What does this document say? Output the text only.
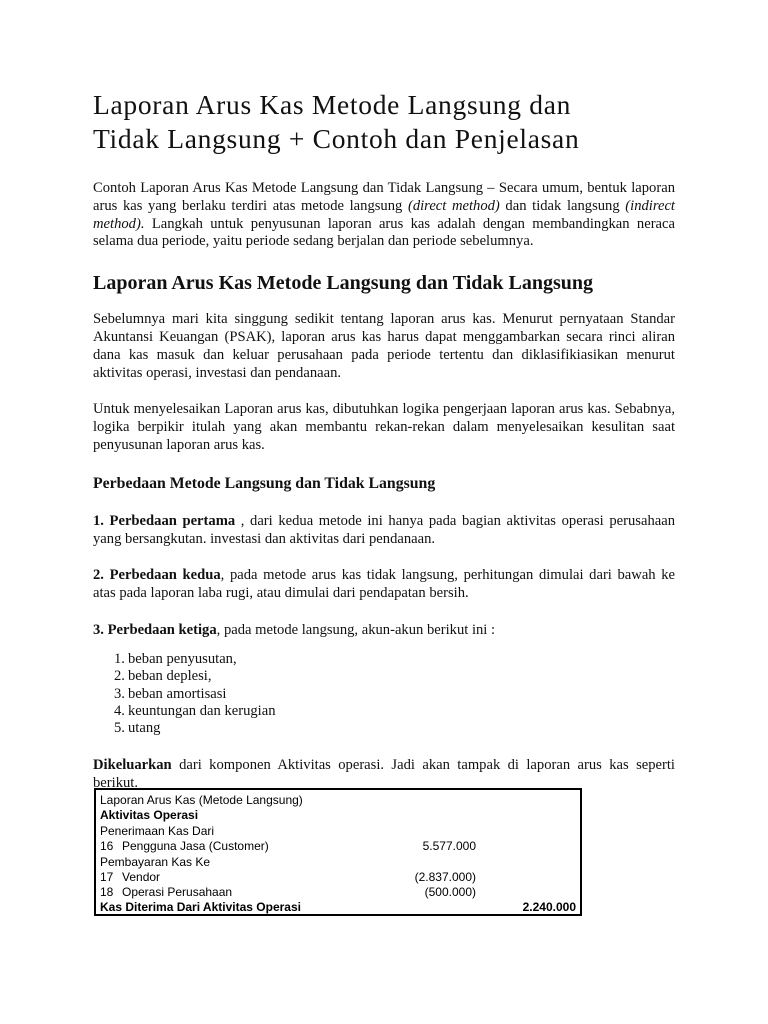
Laporan Arus Kas Metode Langsung dan
Tidak Langsung + Contoh dan Penjelasan

Contoh Laporan Arus Kas Metode Langsung dan Tidak Langsung – Secara umum, bentuk laporan arus kas yang berlaku terdiri atas metode langsung (direct method) dan tidak langsung (indirect method). Langkah untuk penyusunan laporan arus kas adalah dengan membandingkan neraca selama dua periode, yaitu periode sedang berjalan dan periode sebelumnya.

Laporan Arus Kas Metode Langsung dan Tidak Langsung

Sebelumnya mari kita singgung sedikit tentang laporan arus kas. Menurut pernyataan Standar Akuntansi Keuangan (PSAK), laporan arus kas harus dapat menggambarkan secara rinci aliran dana kas masuk dan keluar perusahaan pada periode tertentu dan diklasifikiasikan menurut aktivitas operasi, investasi dan pendanaan.

Untuk menyelesaikan Laporan arus kas, dibutuhkan logika pengerjaan laporan arus kas. Sebabnya, logika berpikir itulah yang akan membantu rekan-rekan dalam menyelesaikan kesulitan saat penyusunan laporan arus kas.

Perbedaan Metode Langsung dan Tidak Langsung

1. Perbedaan pertama , dari kedua metode ini hanya pada bagian aktivitas operasi perusahaan yang bersangkutan. investasi dan aktivitas dari pendanaan.

2. Perbedaan kedua, pada metode arus kas tidak langsung, perhitungan dimulai dari bawah ke atas pada laporan laba rugi, atau dimulai dari pendapatan bersih.

3. Perbedaan ketiga, pada metode langsung, akun-akun berikut ini :

1. beban penyusutan,
2. beban deplesi,
3. beban amortisasi
4. keuntungan dan kerugian
5. utang

Dikeluarkan dari komponen Aktivitas operasi. Jadi akan tampak di laporan arus kas seperti berikut.

Laporan Arus Kas (Metode Langsung)
Aktivitas Operasi
Penerimaan Kas Dari
16 Pengguna Jasa (Customer)	5.577.000
Pembayaran Kas Ke
17 Vendor	(2.837.000)
18 Operasi Perusahaan	(500.000)
Kas Diterima Dari Aktivitas Operasi	2.240.000
